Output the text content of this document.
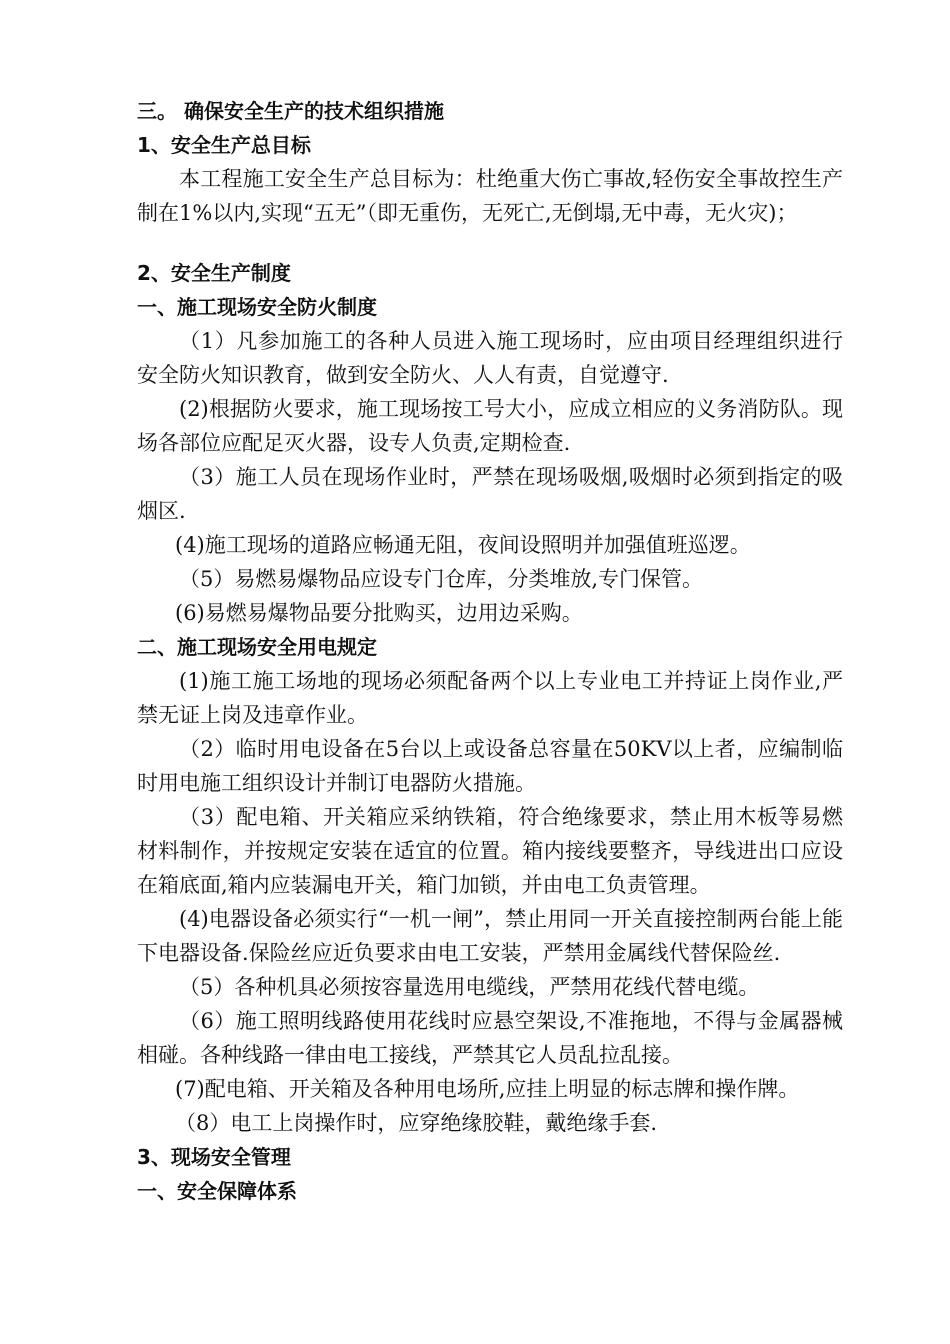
三。 确保安全生产的技术组织措施
1、安全生产总目标

本工程施工安全生产总目标为：杜绝重大伤亡事故,轻伤安全事故控生产制在1%以内,实现“五无”（即无重伤，无死亡,无倒塌,无中毒，无火灾)；

2、安全生产制度
一、施工现场安全防火制度

（1）凡参加施工的各种人员进入施工现场时，应由项目经理组织进行安全防火知识教育，做到安全防火、人人有责，自觉遵守.

(2)根据防火要求，施工现场按工号大小，应成立相应的义务消防队。现场各部位应配足灭火器，设专人负责,定期检查.

（3）施工人员在现场作业时，严禁在现场吸烟,吸烟时必须到指定的吸烟区.

(4)施工现场的道路应畅通无阻，夜间设照明并加强值班巡逻。

（5）易燃易爆物品应设专门仓库，分类堆放,专门保管。

(6)易燃易爆物品要分批购买，边用边采购。

二、施工现场安全用电规定

(1)施工施工场地的现场必须配备两个以上专业电工并持证上岗作业,严禁无证上岗及违章作业。

（2）临时用电设备在5台以上或设备总容量在50KV以上者，应编制临时用电施工组织设计并制订电器防火措施。

（3）配电箱、开关箱应采纳铁箱，符合绝缘要求，禁止用木板等易燃材料制作，并按规定安装在适宜的位置。箱内接线要整齐，导线进出口应设在箱底面,箱内应装漏电开关，箱门加锁，并由电工负责管理。

(4)电器设备必须实行“一机一闸”，禁止用同一开关直接控制两台能上能下电器设备.保险丝应近负要求由电工安装，严禁用金属线代替保险丝.

（5）各种机具必须按容量选用电缆线，严禁用花线代替电缆。

（6）施工照明线路使用花线时应悬空架设,不准拖地，不得与金属器械相碰。各种线路一律由电工接线，严禁其它人员乱拉乱接。

(7)配电箱、开关箱及各种用电场所,应挂上明显的标志牌和操作牌。

（8）电工上岗操作时，应穿绝缘胶鞋，戴绝缘手套.

3、现场安全管理
一、安全保障体系
